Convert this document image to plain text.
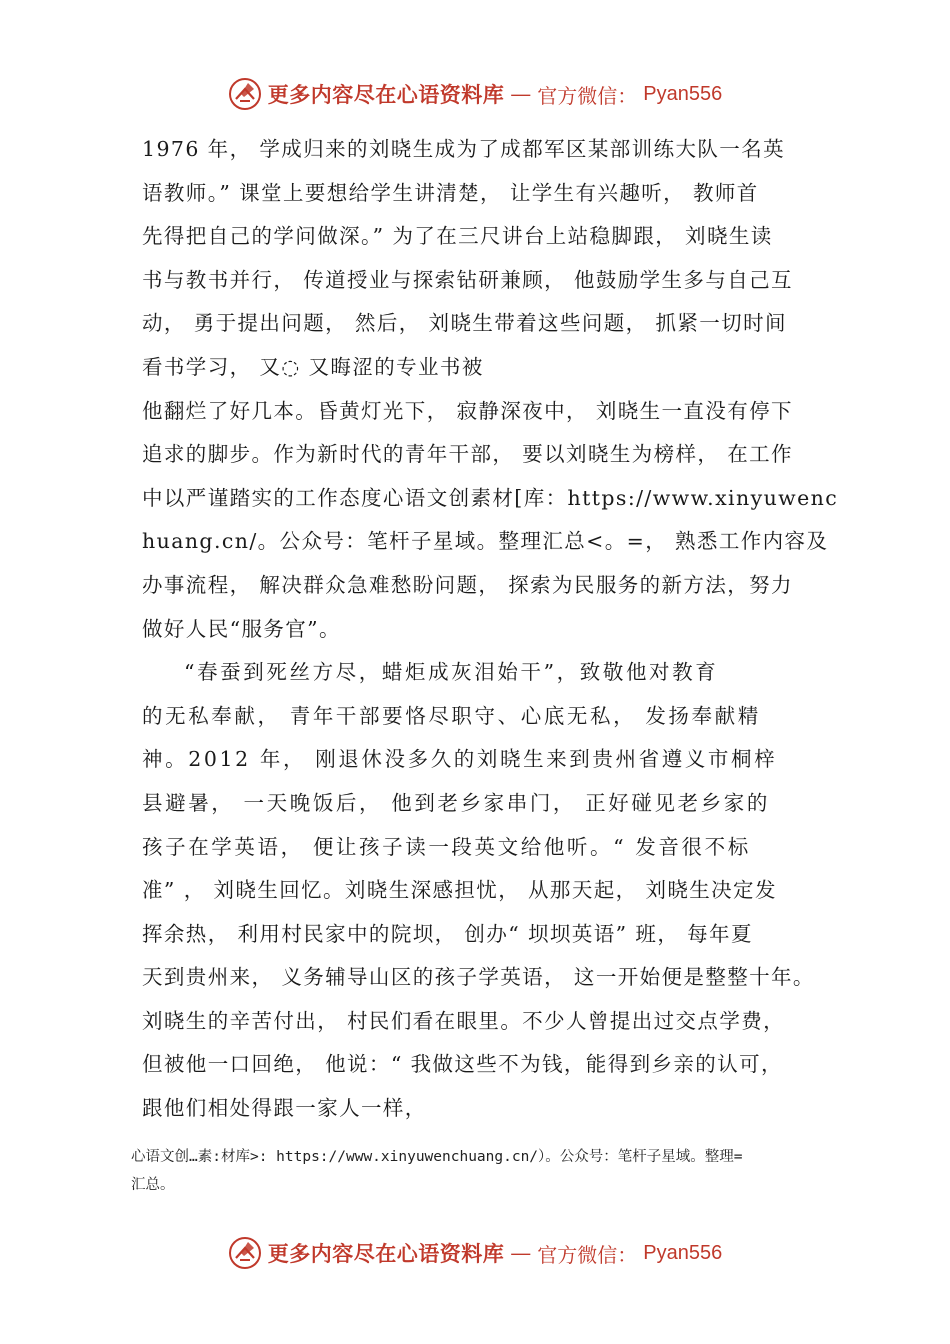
更多内容尽在心语资料库 — 官方微信： Pyan556
1976 年， 学成归来的刘晓生成为了成都军区某部训练大队一名英
语教师。” 课堂上要想给学生讲清楚， 让学生有兴趣听， 教师首
先得把自己的学问做深。” 为了在三尺讲台上站稳脚跟， 刘晓生读
书与教书并行， 传道授业与探索钻研兼顾， 他鼓励学生多与自己互
动， 勇于提出问题， 然后， 刘晓生带着这些问题， 抓紧一切时间
看书学习， 又◌ 又晦涩的专业书被
他翻烂了好几本。昏黄灯光下， 寂静深夜中， 刘晓生一直没有停下
追求的脚步。作为新时代的青年干部， 要以刘晓生为榜样， 在工作
中以严谨踏实的工作态度心语文创素材[库：https://www.xinyuwenc
huang.cn/。公众号：笔杆子星域。整理汇总<。=， 熟悉工作内容及
办事流程， 解决群众急难愁盼问题， 探索为民服务的新方法，努力
做好人民“服务官”。
“春蚕到死丝方尽，蜡炬成灰泪始干”，致敬他对教育
的无私奉献， 青年干部要恪尽职守、心底无私， 发扬奉献精
神。2012 年， 刚退休没多久的刘晓生来到贵州省遵义市桐梓
县避暑， 一天晚饭后， 他到老乡家串门， 正好碰见老乡家的
孩子在学英语， 便让孩子读一段英文给他听。“ 发音很不标
准” ， 刘晓生回忆。刘晓生深感担忧， 从那天起， 刘晓生决定发
挥余热， 利用村民家中的院坝， 创办“ 坝坝英语” 班， 每年夏
天到贵州来， 义务辅导山区的孩子学英语， 这一开始便是整整十年。
刘晓生的辛苦付出， 村民们看在眼里。不少人曾提出过交点学费，
但被他一口回绝， 他说：“ 我做这些不为钱，能得到乡亲的认可，
跟他们相处得跟一家人一样，
心语文创…素:材库>: https://www.xinyuwenchuang.cn/）。公众号：笔杆子星域。整理=
汇总。
更多内容尽在心语资料库 — 官方微信： Pyan556
